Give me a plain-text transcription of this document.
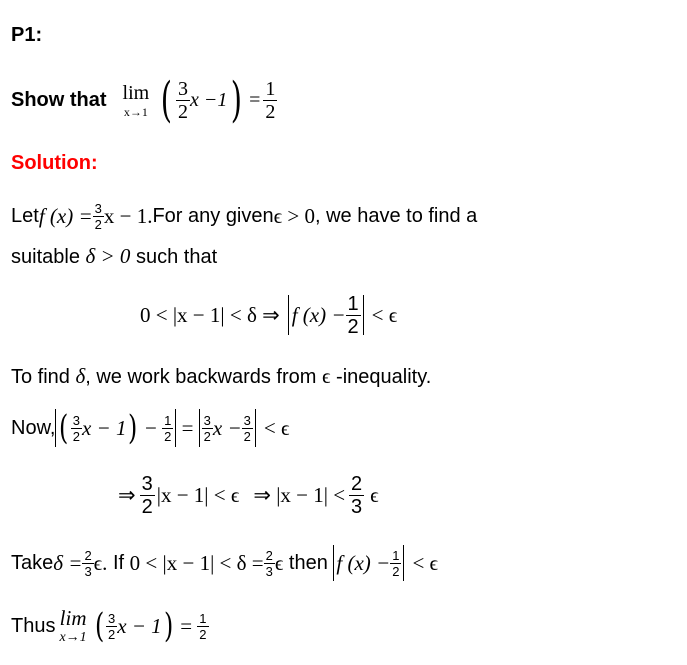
P1:
Show that lim
x→1 ( $\frac{3}{2}$ x −1 ) = $\frac{1}{2}$
Solution:
Let f $(x) = \frac{3}{2}$ x − 1. For any given ϵ > 0 , we have to find a
suitable δ > 0 such that
0 < |x − 1| < δ ⇒ f $(x) - \frac{1}{2} < \epsilon$
To find δ, we work backwards from ϵ -inequality.
Now, ( $\frac{3}{2}$ x − 1 ) − $\frac{1}{2} = \frac{3}{2}$ $x - \frac{3}{2} < \epsilon$
⇒ $\frac{3}{2} |x - 1| < \epsilon$ ⇒ $|x - 1| < \frac{2}{3}$ ϵ
Take $\delta = \frac{2}{3} \epsilon$. If $0 < |x - 1| < \delta = \frac{2}{3}$ ϵ then f $(x) - \frac{1}{2} < \epsilon$
Thus lim
x→1 ( $\frac{3}{2}$ x − 1 ) = $\frac{1}{2}$
